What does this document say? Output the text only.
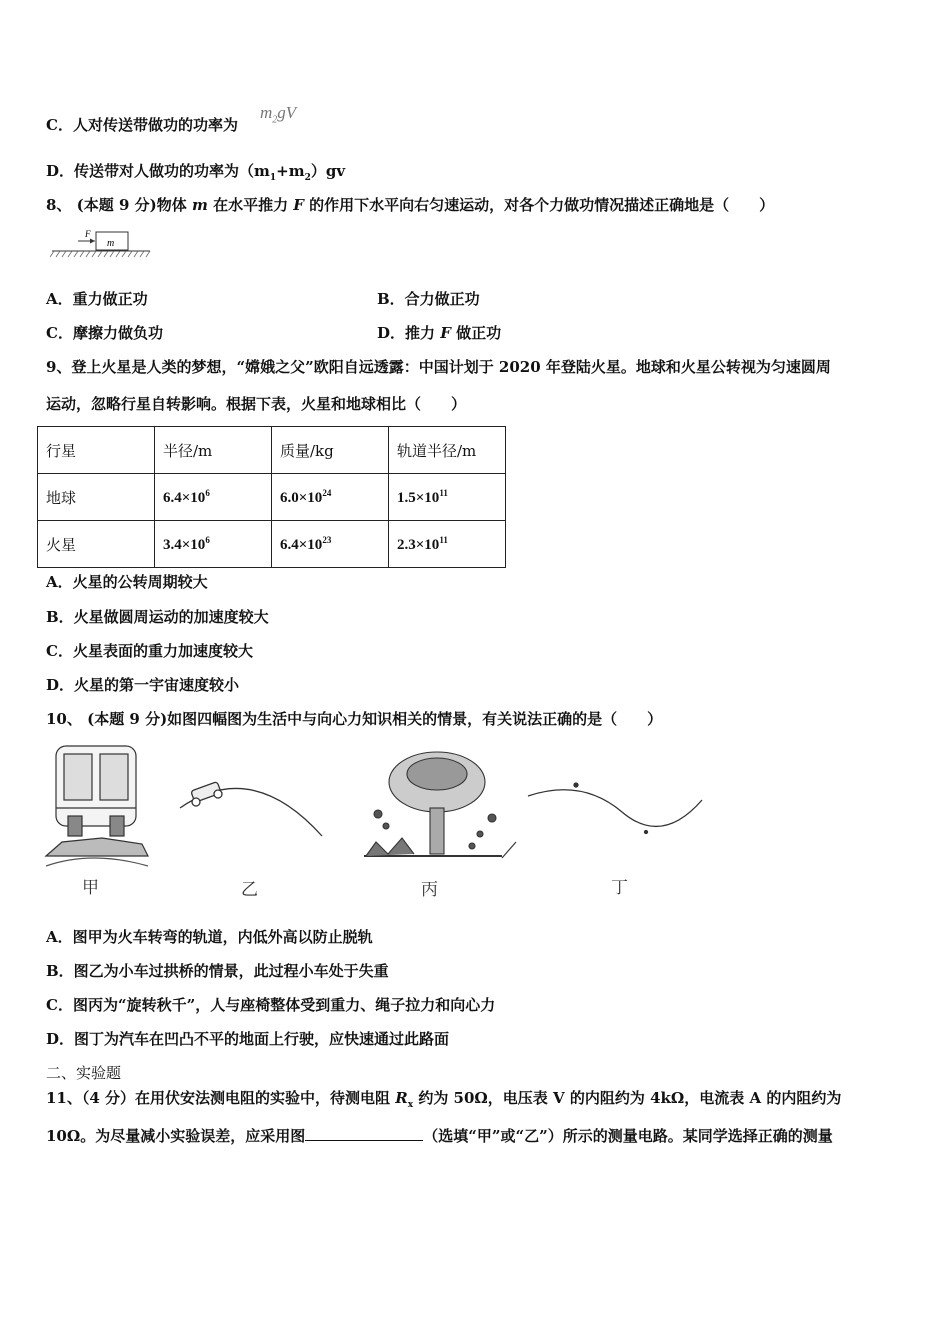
C．人对传送带做功的功率为
$m_2gV$
D．传送带对人做功的功率为$(m_1+m_2)gv$
8、 (本题 9 分)物体 m 在水平推力 F 的作用下水平向右匀速运动，对各个力做功情况描述正确地是（　　）
m
F
A．重力做正功	B．合力做正功
C．摩擦力做负功	D．推力 F 做正功
9、登上火星是人类的梦想，“嫦娥之父”欧阳自远透露：中国计划于 2020 年登陆火星。地球和火星公转视为匀速圆周
运动，忽略行星自转影响。根据下表，火星和地球相比（　　）
行星	半径/m	质量/kg	轨道半径/m
地球	$6.4\times 10^6$	$6.0\times 10^{24}$	$1.5\times 10^{11}$
火星	$3.4\times 10^6$	$6.4\times 10^{23}$	$2.3\times 10^{11}$
A．火星的公转周期较大
B．火星做圆周运动的加速度较大
C．火星表面的重力加速度较大
D．火星的第一宇宙速度较小
10、 (本题 9 分)如图四幅图为生活中与向心力知识相关的情景，有关说法正确的是（　　）
甲	乙	丙	丁
A．图甲为火车转弯的轨道，内低外高以防止脱轨
B．图乙为小车过拱桥的情景，此过程小车处于失重
C．图丙为“旋转秋千”，人与座椅整体受到重力、绳子拉力和向心力
D．图丁为汽车在凹凸不平的地面上行驶，应快速通过此路面
二、实验题
11、（4 分）在用伏安法测电阻的实验中，待测电阻 $R_x$ 约为 50Ω，电压表 V 的内阻约为 4kΩ，电流表 A 的内阻约为
10Ω。为尽量减小实验误差，应采用图	（选填“甲”或“乙”）所示的测量电路。某同学选择正确的测量
